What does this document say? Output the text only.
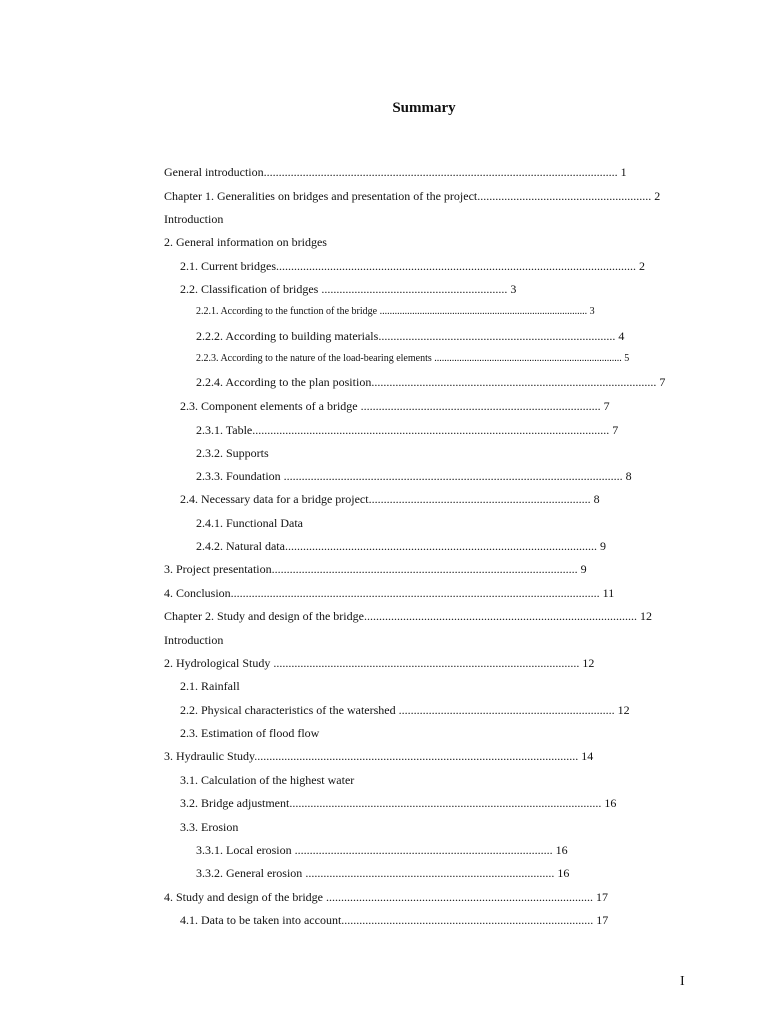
Summary
General introduction...................................................................................................................... 1
Chapter 1. Generalities on bridges and presentation of the project.......................................................... 2
Introduction
2. General information on bridges
2.1. Current bridges........................................................................................................................ 2
2.2. Classification of bridges .............................................................. 3
2.2.1. According to the function of the bridge ................................................................................... 3
2.2.2. According to building materials............................................................................... 4
2.2.3. According to the nature of the load-bearing elements ........................................................................... 5
2.2.4. According to the plan position............................................................................................... 7
2.3. Component elements of a bridge ................................................................................ 7
2.3.1. Table....................................................................................................................... 7
2.3.2. Supports
2.3.3. Foundation ................................................................................................................. 8
2.4. Necessary data for a bridge project.......................................................................... 8
2.4.1. Functional Data
2.4.2. Natural data........................................................................................................ 9
3. Project presentation...................................................................................................... 9
4. Conclusion........................................................................................................................... 11
Chapter 2. Study and design of the bridge........................................................................................... 12
Introduction
2. Hydrological Study ...................................................................................................... 12
2.1. Rainfall
2.2. Physical characteristics of the watershed ........................................................................ 12
2.3. Estimation of flood flow
3. Hydraulic Study............................................................................................................ 14
3.1. Calculation of the highest water
3.2. Bridge adjustment........................................................................................................ 16
3.3. Erosion
3.3.1. Local erosion ...................................................................................... 16
3.3.2. General erosion ................................................................................... 16
4. Study and design of the bridge ......................................................................................... 17
4.1. Data to be taken into account.................................................................................... 17
I
